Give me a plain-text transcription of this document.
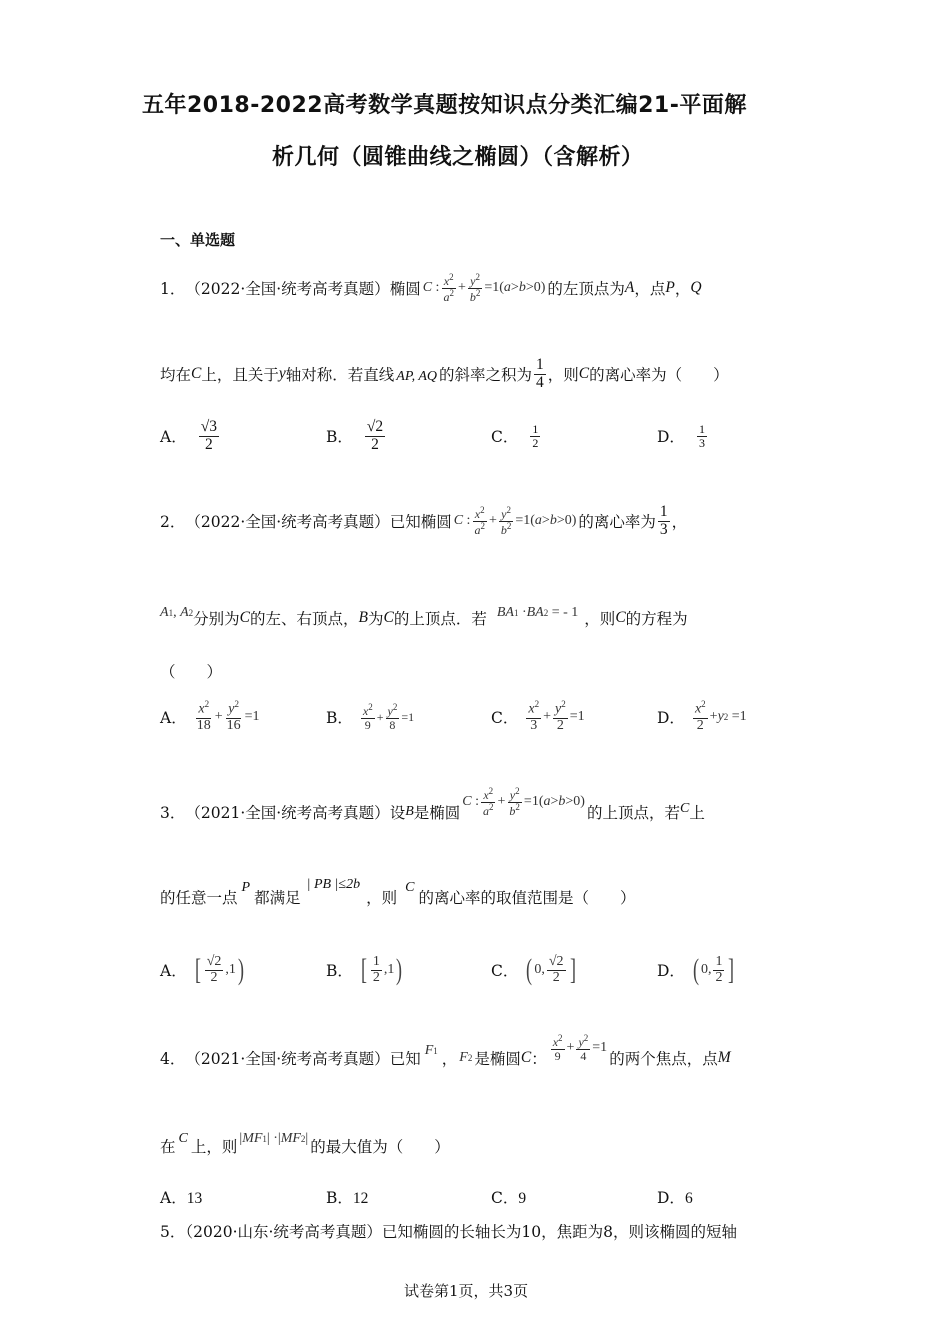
五年2018-2022高考数学真题按知识点分类汇编21-平面解
析几何（圆锥曲线之椭圆）（含解析）
一、单选题
1． （2022·全国·统考高考真题） 椭圆 C : $\frac{x^2}{a^2} + \frac{y^2}{b^2} =1$( a > b >0) 的左顶点为 A ，点 P ， Q
均在 C 上，且关于 y 轴对称．若直线 AP, AQ 的斜率之积为 $\frac{1}{4}$ ，则 C 的离心率为（　　）
A． $\frac{√3}{2}$	B． $\frac{√2}{2}$	C． $\frac{1}{2}$	D． $\frac{1}{3}$
2． （2022·全国·统考高考真题） 已知椭圆 C : $\frac{x^2}{a^2} + \frac{y^2}{b^2} =1$( a > b >0) 的离心率为 $\frac{1}{3}$ ，
A 1 , A 2 分别为 C 的左、右顶点， B 为 C 的上顶点．若 BA 1 · BA 2
= - 1 ，则 C 的方程为
（　　）
A． $\frac{x^2}{18} + \frac{y^2}{16} =1$	B． $\frac{x^2}{9} + \frac{y^2}{8} =1$	C． $\frac{x^2}{3} + \frac{y^2}{2} =1$	D． $\frac{x^2}{2} + y$ 2
=1
3． （2021·全国·统考高考真题） 设 B 是椭圆
C : $\frac{x^2}{a^2} + \frac{y^2}{b^2} =1$( a > b >0)
的上顶点，若 C 上
的任意一点
P
都满足
| PB |≤2b
，则
C
的离心率的取值范围是（　　）
A． [ $\frac{√2}{2} ,1$ )	B． [ $\frac{1}{2} ,1$ )	C． ( 0, $\frac{√2}{2}$ ]	D． ( 0, $\frac{1}{2}$ ]
4． （2021·全国·统考高考真题） 已知 F 1 ， F 2 是椭圆 C ： $\frac{x^2}{9} + \frac{y^2}{4} =1$
的两个焦点，点 M
在 C 上，则 | MF 1 | ·| MF 2 | 的最大值为（　　）
A．13	B．12	C．9	D．6
5．（2020·山东·统考高考真题）已知椭圆的长轴长为10，焦距为8，则该椭圆的短轴
试卷第1页，共3页
